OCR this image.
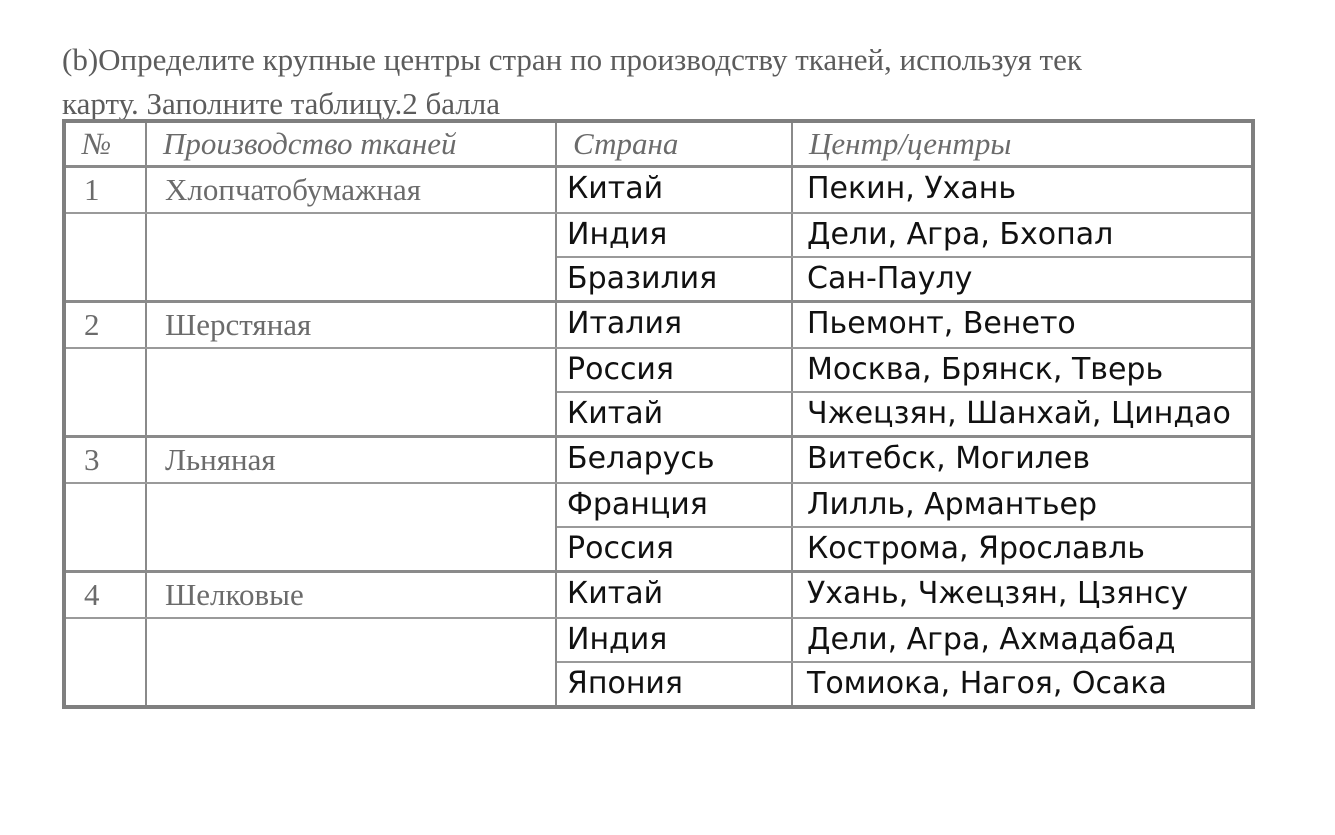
(b)Определите крупные центры стран по производству тканей, используя тек
карту. Заполните таблицу.2 балла
№	Производство тканей	Страна	Центр/центры
1	Хлопчатобумажная	Китай	Пекин, Ухань
		Индия	Дели, Агра, Бхопал
		Бразилия	Сан-Паулу
2	Шерстяная	Италия	Пьемонт, Венето
		Россия	Москва, Брянск, Тверь
		Китай	Чжецзян, Шанхай, Циндао
3	Льняная	Беларусь	Витебск, Могилев
		Франция	Лилль, Армантьер
		Россия	Кострома, Ярославль
4	Шелковые	Китай	Ухань, Чжецзян, Цзянсу
		Индия	Дели, Агра, Ахмадабад
		Япония	Томиока, Нагоя, Осака
